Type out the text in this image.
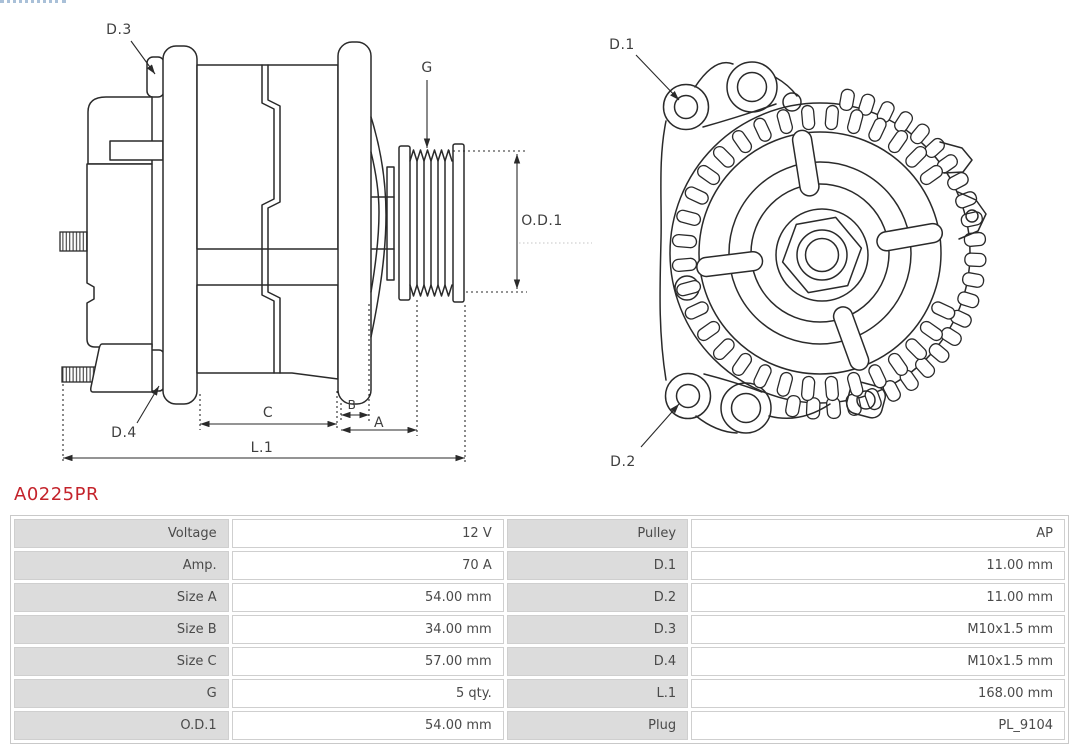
D.3
G
D.4
O.D.1
C	B
A
L.1
D.1
D.2
A0225PR
Voltage	12 V	Pulley	AP
Amp.	70 A	D.1	11.00 mm
Size A	54.00 mm	D.2	11.00 mm
Size B	34.00 mm	D.3	M10x1.5 mm
Size C	57.00 mm	D.4	M10x1.5 mm
G	5 qty.	L.1	168.00 mm
O.D.1	54.00 mm	Plug	PL_9104
